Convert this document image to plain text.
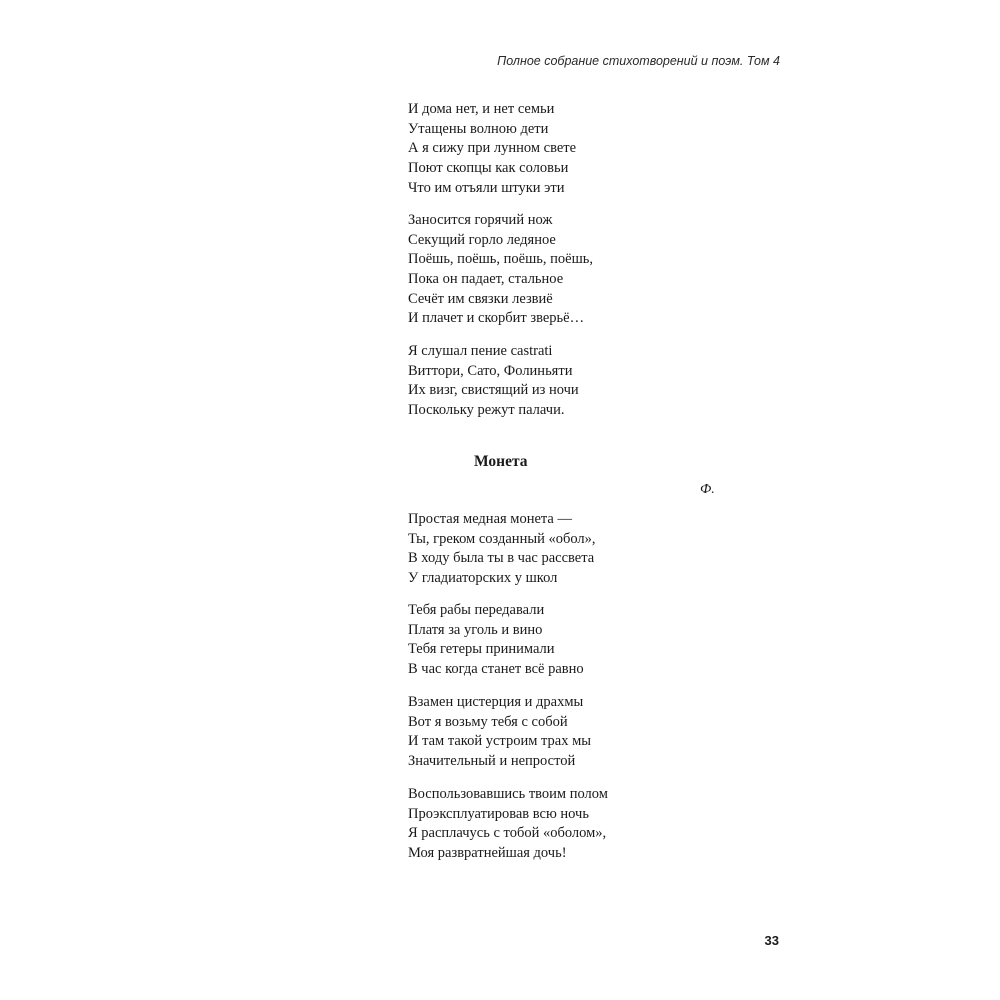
Полное собрание стихотворений и поэм. Том 4
И дома нет, и нет семьи
Утащены волною дети
А я сижу при лунном свете
Поют скопцы как соловьи
Что им отъяли штуки эти
Заносится горячий нож
Секущий горло ледяное
Поёшь, поёшь, поёшь, поёшь,
Пока он падает, стальное
Сечёт им связки лезвиё
И плачет и скорбит зверьё…
Я слушал пение castrati
Виттори, Сато, Фолиньяти
Их визг, свистящий из ночи
Поскольку режут палачи.
Монета
Ф.
Простая медная монета —
Ты, греком созданный «обол»,
В ходу была ты в час рассвета
У гладиаторских у школ
Тебя рабы передавали
Платя за уголь и вино
Тебя гетеры принимали
В час когда станет всё равно
Взамен цистерция и драхмы
Вот я возьму тебя с собой
И там такой устроим трах мы
Значительный и непростой
Воспользовавшись твоим полом
Проэксплуатировав всю ночь
Я расплачусь с тобой «оболом»,
Моя развратнейшая дочь!
33
